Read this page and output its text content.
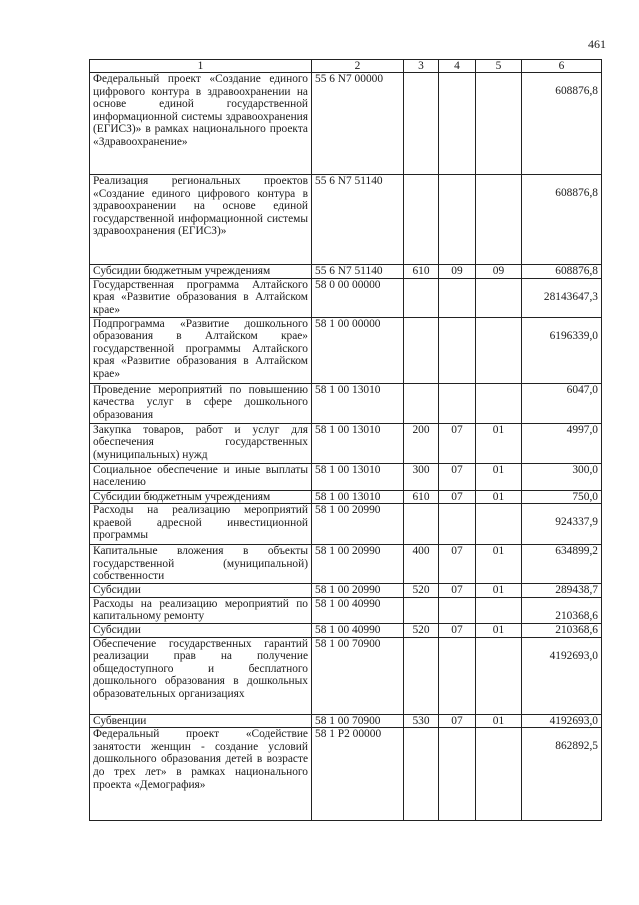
461
1	2	3	4	5	6
Федеральный проект «Создание единого цифрового контура в здравоохранении на основе единой государственной информационной системы здравоохранения (ЕГИСЗ)» в рамках национального проекта «Здравоохранение»	55 6 N7 00000				608876,8
Реализация региональных проектов «Создание единого цифрового контура в здравоохранении на основе единой государственной информационной системы здравоохранения (ЕГИСЗ)»	55 6 N7 51140				608876,8
Субсидии бюджетным учреждениям	55 6 N7 51140	610	09	09	608876,8
Государственная программа Алтайского края «Развитие образования в Алтайском крае»	58 0 00 00000				28143647,3
Подпрограмма «Развитие дошкольного образования в Алтайском крае» государственной программы Алтайского края «Развитие образования в Алтайском крае»	58 1 00 00000				6196339,0
Проведение мероприятий по повышению качества услуг в сфере дошкольного образования	58 1 00 13010				6047,0
Закупка товаров, работ и услуг для обеспечения государственных (муниципальных) нужд	58 1 00 13010	200	07	01	4997,0
Социальное обеспечение и иные выплаты населению	58 1 00 13010	300	07	01	300,0
Субсидии бюджетным учреждениям	58 1 00 13010	610	07	01	750,0
Расходы на реализацию мероприятий краевой адресной инвестиционной программы	58 1 00 20990				924337,9
Капитальные вложения в объекты государственной (муниципальной) собственности	58 1 00 20990	400	07	01	634899,2
Субсидии	58 1 00 20990	520	07	01	289438,7
Расходы на реализацию мероприятий по капитальному ремонту	58 1 00 40990				210368,6
Субсидии	58 1 00 40990	520	07	01	210368,6
Обеспечение государственных гарантий реализации прав на получение общедоступного и бесплатного дошкольного образования в дошкольных образовательных организациях	58 1 00 70900				4192693,0
Субвенции	58 1 00 70900	530	07	01	4192693,0
Федеральный проект «Содействие занятости женщин - создание условий дошкольного образования детей в возрасте до трех лет» в рамках национального проекта «Демография»	58 1 P2 00000				862892,5
